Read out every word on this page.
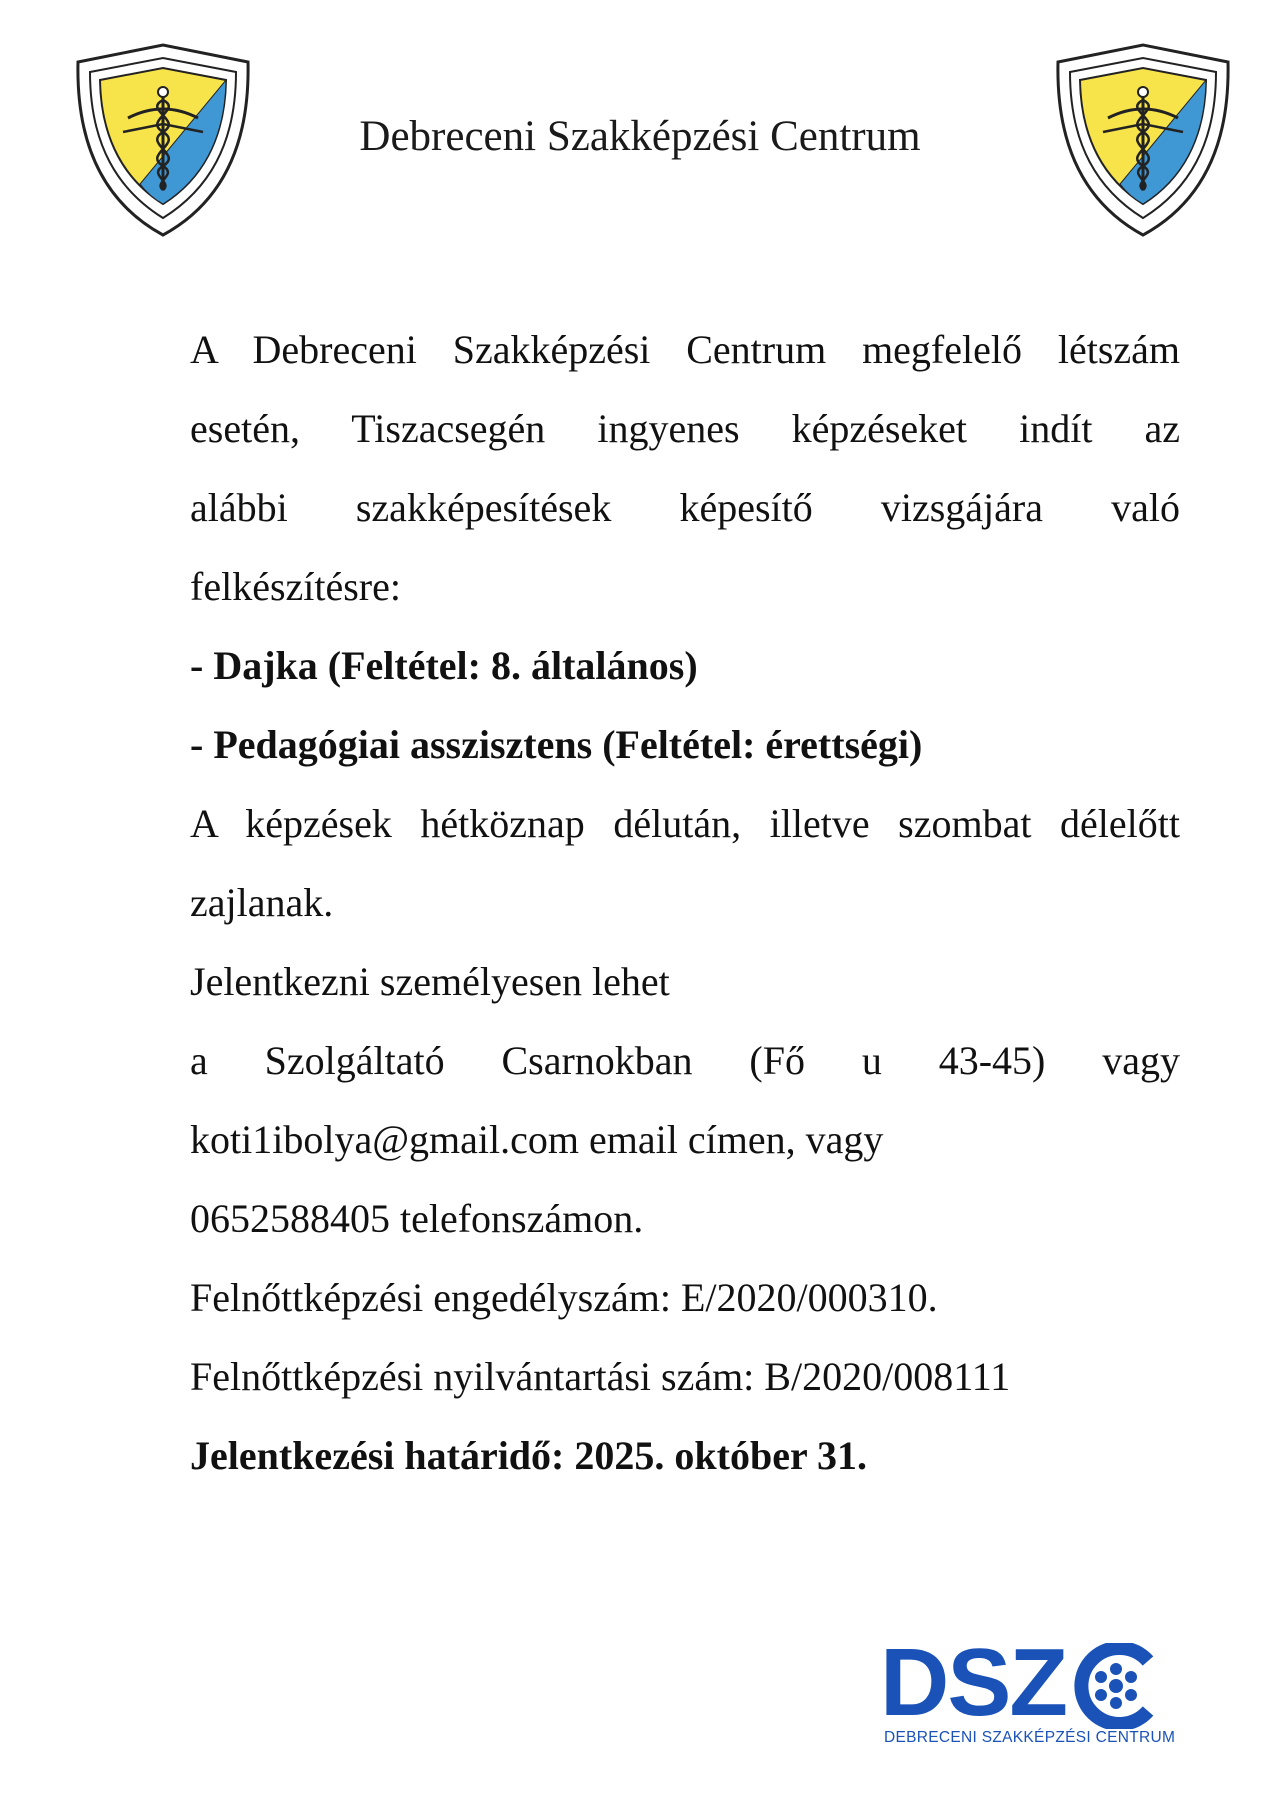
Debreceni Szakképzési Centrum

A Debreceni Szakképzési Centrum megfelelő létszám

esetén, Tiszacsegén ingyenes képzéseket indít az

alábbi szakképesítések képesítő vizsgájára való

felkészítésre:

- Dajka (Feltétel: 8. általános)

- Pedagógiai asszisztens (Feltétel: érettségi)

A képzések hétköznap délután, illetve szombat délelőtt

zajlanak.

Jelentkezni személyesen lehet

a Szolgáltató Csarnokban (Fő u 43-45) vagy

koti1ibolya@gmail.com email címen, vagy

0652588405 telefonszámon.

Felnőttképzési engedélyszám: E/2020/000310.

Felnőttképzési nyilvántartási szám: B/2020/008111

Jelentkezési határidő: 2025. október 31.

DSZ
DEBRECENI SZAKKÉPZÉSI CENTRUM
